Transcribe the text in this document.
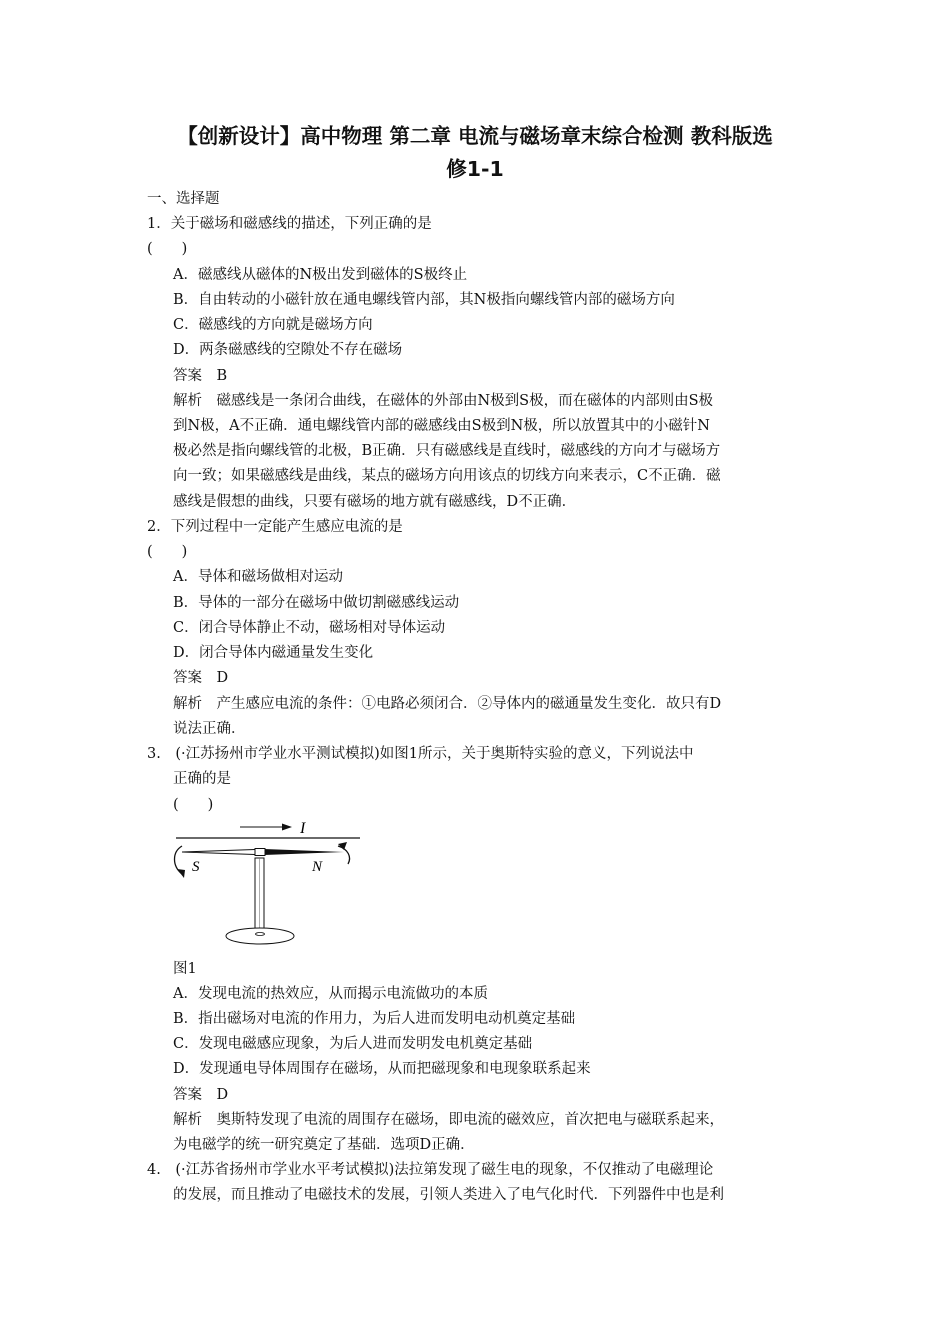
【创新设计】高中物理 第二章 电流与磁场章末综合检测 教科版选
修1-1
一、选择题
1．关于磁场和磁感线的描述，下列正确的是
(　　)
A．磁感线从磁体的N极出发到磁体的S极终止
B．自由转动的小磁针放在通电螺线管内部，其N极指向螺线管内部的磁场方向
C．磁感线的方向就是磁场方向
D．两条磁感线的空隙处不存在磁场
答案　B
解析　磁感线是一条闭合曲线，在磁体的外部由N极到S极，而在磁体的内部则由S极
到N极，A不正确．通电螺线管内部的磁感线由S极到N极，所以放置其中的小磁针N
极必然是指向螺线管的北极，B正确．只有磁感线是直线时，磁感线的方向才与磁场方
向一致；如果磁感线是曲线，某点的磁场方向用该点的切线方向来表示，C不正确．磁
感线是假想的曲线，只要有磁场的地方就有磁感线，D不正确．
2．下列过程中一定能产生感应电流的是
(　　)
A．导体和磁场做相对运动
B．导体的一部分在磁场中做切割磁感线运动
C．闭合导体静止不动，磁场相对导体运动
D．闭合导体内磁通量发生变化
答案　D
解析　产生感应电流的条件：①电路必须闭合．②导体内的磁通量发生变化．故只有D
说法正确．
3.　(·江苏扬州市学业水平测试模拟)如图1所示，关于奥斯特实验的意义，下列说法中
正确的是
(　　)
I
S	N
图1
A．发现电流的热效应，从而揭示电流做功的本质
B．指出磁场对电流的作用力，为后人进而发明电动机奠定基础
C．发现电磁感应现象，为后人进而发明发电机奠定基础
D．发现通电导体周围存在磁场，从而把磁现象和电现象联系起来
答案　D
解析　奥斯特发现了电流的周围存在磁场，即电流的磁效应，首次把电与磁联系起来，
为电磁学的统一研究奠定了基础．选项D正确．
4.　(·江苏省扬州市学业水平考试模拟)法拉第发现了磁生电的现象，不仅推动了电磁理论
的发展，而且推动了电磁技术的发展，引领人类进入了电气化时代．下列器件中也是利
